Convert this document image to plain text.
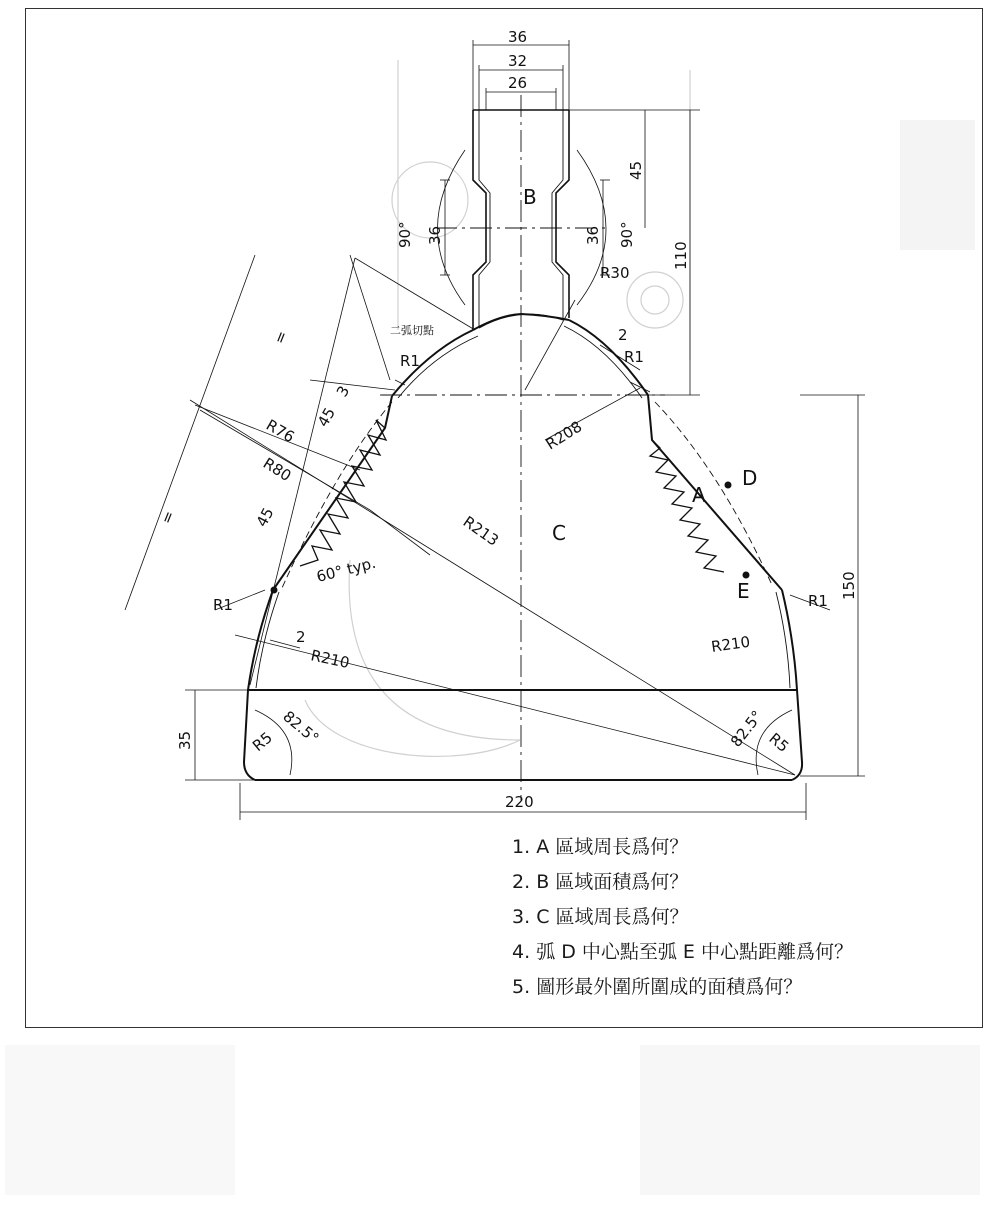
36
32
26
45
110
36	36
90°	90°
R30
二弧切點
R1	R1
2
R208
=
=
3
45
45
R76
R80
R213
60° typ.
R1	R1
2
R210
R210
150
35	R5	R5
82.5°	82.5°
220
B
C
A
D
E
1. A 區域周長爲何？
2. B 區域面積爲何？
3. C 區域周長爲何？
4. 弧 D 中心點至弧 E 中心點距離爲何？
5. 圖形最外圍所圍成的面積爲何？
